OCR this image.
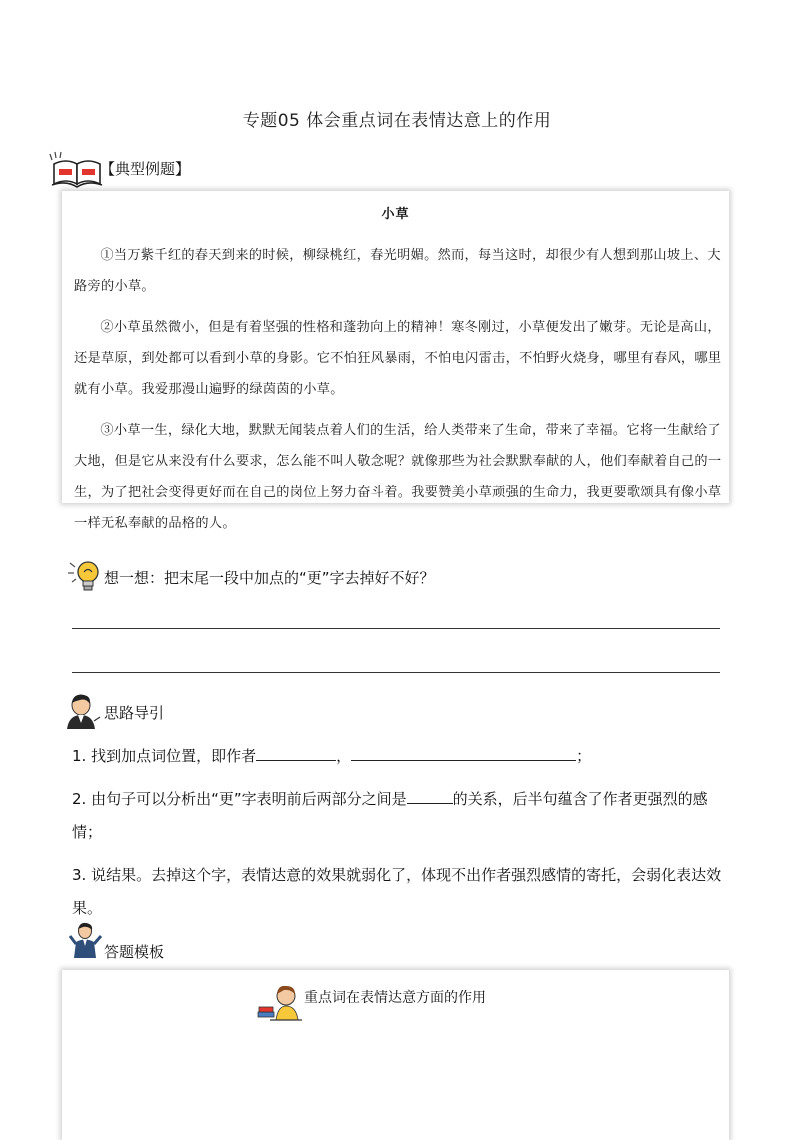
专题05 体会重点词在表情达意上的作用
【典型例题】
小草

①当万紫千红的春天到来的时候，柳绿桃红，春光明媚。然而，每当这时，却很少有人想到那山坡上、大路旁的小草。

②小草虽然微小，但是有着坚强的性格和蓬勃向上的精神！寒冬刚过，小草便发出了嫩芽。无论是高山，还是草原，到处都可以看到小草的身影。它不怕狂风暴雨，不怕电闪雷击，不怕野火烧身，哪里有春风，哪里就有小草。我爱那漫山遍野的绿茵茵的小草。

③小草一生，绿化大地，默默无闻装点着人们的生活，给人类带来了生命，带来了幸福。它将一生献给了大地，但是它从来没有什么要求，怎么能不叫人敬念呢？就像那些为社会默默奉献的人，他们奉献着自己的一生，为了把社会变得更好而在自己的岗位上努力奋斗着。我要赞美小草顽强的生命力，我更要歌颂具有像小草一样无私奉献的品格的人。

想一想：把末尾一段中加点的“更”字去掉好不好？
思路导引
1. 找到加点词位置，即作者	，	；
2. 由句子可以分析出“更”字表明前后两部分之间是	的关系，后半句蕴含了作者更强烈的感情；
3. 说结果。去掉这个字，表情达意的效果就弱化了，体现不出作者强烈感情的寄托，会弱化表达效果。
答题模板
重点词在表情达意方面的作用
